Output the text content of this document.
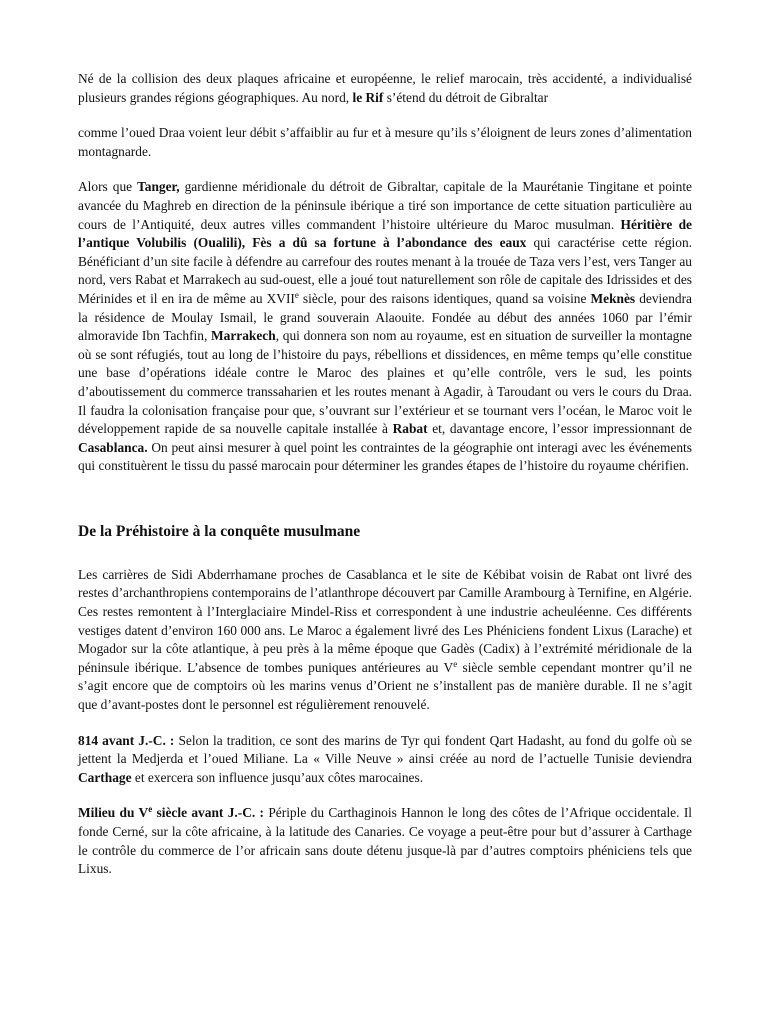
Né de la collision des deux plaques africaine et européenne, le relief marocain, très accidenté, a individualisé plusieurs grandes régions géographiques. Au nord, le Rif s’étend du détroit de Gibraltar

comme l’oued Draa voient leur débit s’affaiblir au fur et à mesure qu’ils s’éloignent de leurs zones d’alimentation montagnarde.

Alors que Tanger, gardienne méridionale du détroit de Gibraltar, capitale de la Maurétanie Tingitane et pointe avancée du Maghreb en direction de la péninsule ibérique a tiré son importance de cette situation particulière au cours de l’Antiquité, deux autres villes commandent l’histoire ultérieure du Maroc musulman. Héritière de l’antique Volubilis (Oualili), Fès a dû sa fortune à l’abondance des eaux qui caractérise cette région. Bénéficiant d’un site facile à défendre au carrefour des routes menant à la trouée de Taza vers l’est, vers Tanger au nord, vers Rabat et Marrakech au sud-ouest, elle a joué tout naturellement son rôle de capitale des Idrissides et des Mérinides et il en ira de même au XVIIe siècle, pour des raisons identiques, quand sa voisine Meknès deviendra la résidence de Moulay Ismail, le grand souverain Alaouite. Fondée au début des années 1060 par l’émir almoravide Ibn Tachfin, Marrakech, qui donnera son nom au royaume, est en situation de surveiller la montagne où se sont réfugiés, tout au long de l’histoire du pays, rébellions et dissidences, en même temps qu’elle constitue une base d’opérations idéale contre le Maroc des plaines et qu’elle contrôle, vers le sud, les points d’aboutissement du commerce transsaharien et les routes menant à Agadir, à Taroudant ou vers le cours du Draa. Il faudra la colonisation française pour que, s’ouvrant sur l’extérieur et se tournant vers l’océan, le Maroc voit le développement rapide de sa nouvelle capitale installée à Rabat et, davantage encore, l’essor impressionnant de Casablanca. On peut ainsi mesurer à quel point les contraintes de la géographie ont interagi avec les événements qui constituèrent le tissu du passé marocain pour déterminer les grandes étapes de l’histoire du royaume chérifien.

De la Préhistoire à la conquête musulmane

Les carrières de Sidi Abderrhamane proches de Casablanca et le site de Kébibat voisin de Rabat ont livré des restes d’archanthropiens contemporains de l’atlanthrope découvert par Camille Arambourg à Ternifine, en Algérie. Ces restes remontent à l’Interglaciaire Mindel-Riss et correspondent à une industrie acheuléenne. Ces différents vestiges datent d’environ 160 000 ans. Le Maroc a également livré des Les Phéniciens fondent Lixus (Larache) et Mogador sur la côte atlantique, à peu près à la même époque que Gadès (Cadix) à l’extrémité méridionale de la péninsule ibérique. L’absence de tombes puniques antérieures au Ve siècle semble cependant montrer qu’il ne s’agit encore que de comptoirs où les marins venus d’Orient ne s’installent pas de manière durable. Il ne s’agit que d’avant-postes dont le personnel est régulièrement renouvelé.

814 avant J.-C. : Selon la tradition, ce sont des marins de Tyr qui fondent Qart Hadasht, au fond du golfe où se jettent la Medjerda et l’oued Miliane. La « Ville Neuve » ainsi créée au nord de l’actuelle Tunisie deviendra Carthage et exercera son influence jusqu’aux côtes marocaines.

Milieu du Ve siècle avant J.-C. : Périple du Carthaginois Hannon le long des côtes de l’Afrique occidentale. Il fonde Cerné, sur la côte africaine, à la latitude des Canaries. Ce voyage a peut-être pour but d’assurer à Carthage le contrôle du commerce de l’or africain sans doute détenu jusque-là par d’autres comptoirs phéniciens tels que Lixus.
